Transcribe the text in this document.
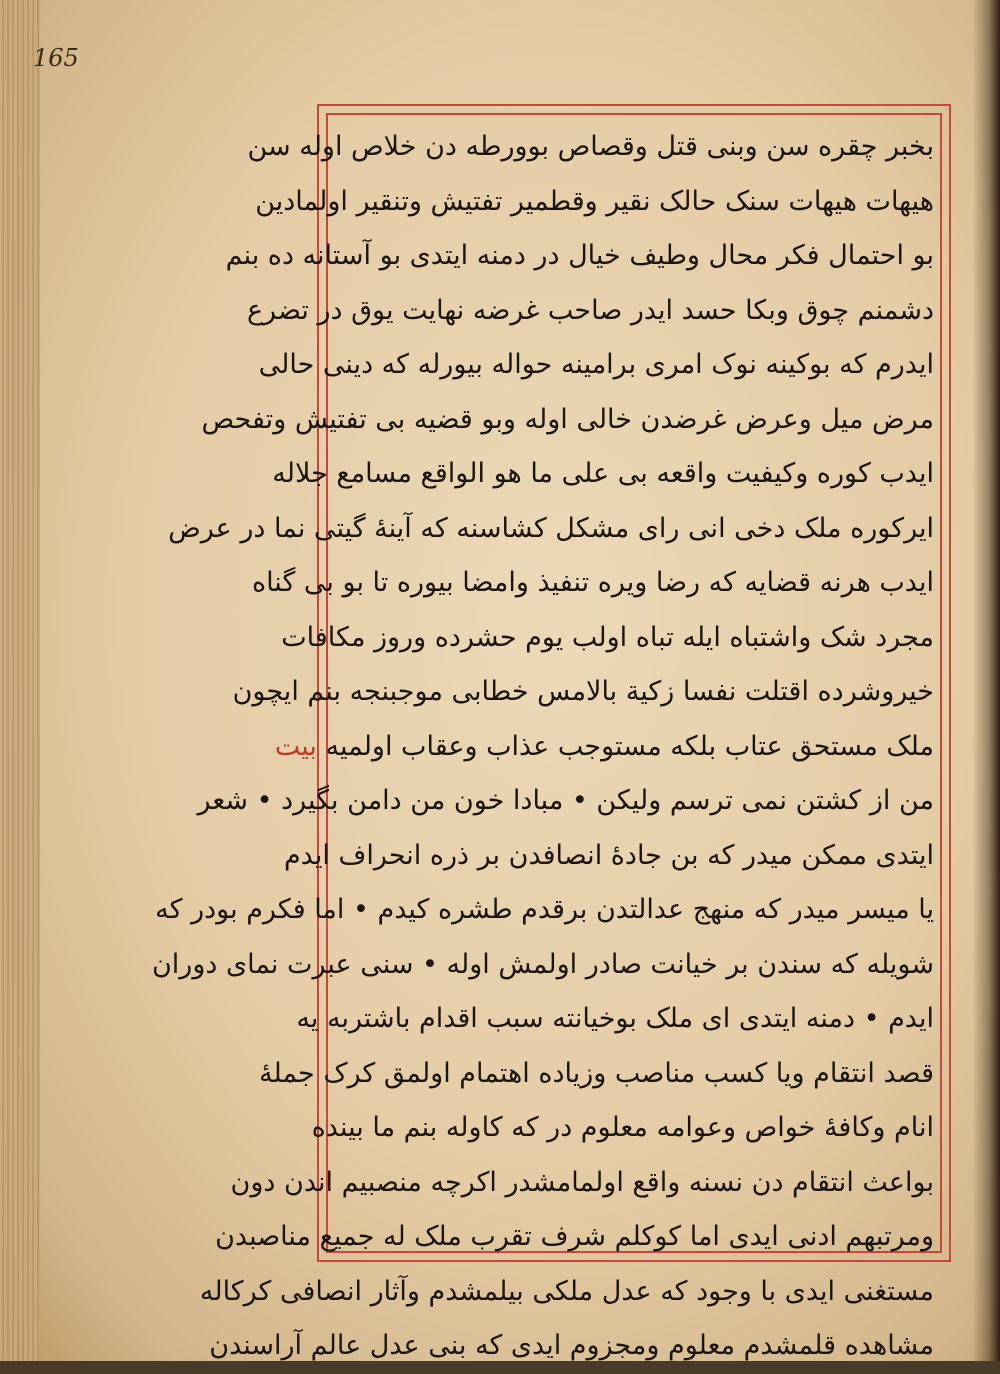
165
بخبر چقره سن وبنی قتل وقصاص بوورطه دن خلاص اوله سن
هیهات هیهات سنک حالک نقیر وقطمیر تفتیش وتنقیر اولمادین
بو احتمال فکر محال وطیف خیال در دمنه ایتدی بو آستانه ده بنم
دشمنم چوق وبکا حسد ایدر صاحب غرضه نهایت یوق در تضرع
ایدرم که بوکینه نوک امری برامینه حواله بیورله که دینی حالی
مرض میل وعرض غرضدن خالی اوله وبو قضیه بی تفتیش وتفحص
ایدب کوره وکیفیت واقعه بی علی ما هو الواقع مسامع جلاله
ایرکوره ملک دخی انی رای مشکل کشاسنه که آینهٔ گیتی نما در عرض
ایدب هرنه قضایه که رضا ویره تنفیذ وامضا بیوره تا بو بی گناه
مجرد شک واشتباه ایله تباه اولب یوم حشرده وروز مکافات
خیروشرده اقتلت نفسا زکیة بالامس خطابی موجبنجه بنم ایچون
ملک مستحق عتاب بلکه مستوجب عذاب وعقاب اولمیه بیت
من از کشتن نمی ترسم ولیکن • مبادا خون من دامن بگیرد • شعر
ایتدی ممکن میدر که بن جادهٔ انصافدن بر ذره انحراف ایدم
یا میسر میدر که منهج عدالتدن برقدم طشره کیدم • اما فکرم بودر که
شویله که سندن بر خیانت صادر اولمش اوله • سنی عبرت نمای دوران
ایدم • دمنه ایتدی ای ملک بوخیانته سبب اقدام باشتربه یه
قصد انتقام ویا کسب مناصب وزیاده اهتمام اولمق کرک جملهٔ
انام وکافهٔ خواص وعوامه معلوم در که کاوله بنم ما بینده
بواعث انتقام دن نسنه واقع اولمامشدر اکرچه منصبیم اندن دون
ومرتبهم ادنی ایدی اما کوکلم شرف تقرب ملک له جمیع مناصبدن
مستغنی ایدی با وجود که عدل ملکی بیلمشدم وآثار انصافی کرکاله
مشاهده قلمشدم معلوم ومجزوم ایدی که بنی عدل عالم آراسندن
